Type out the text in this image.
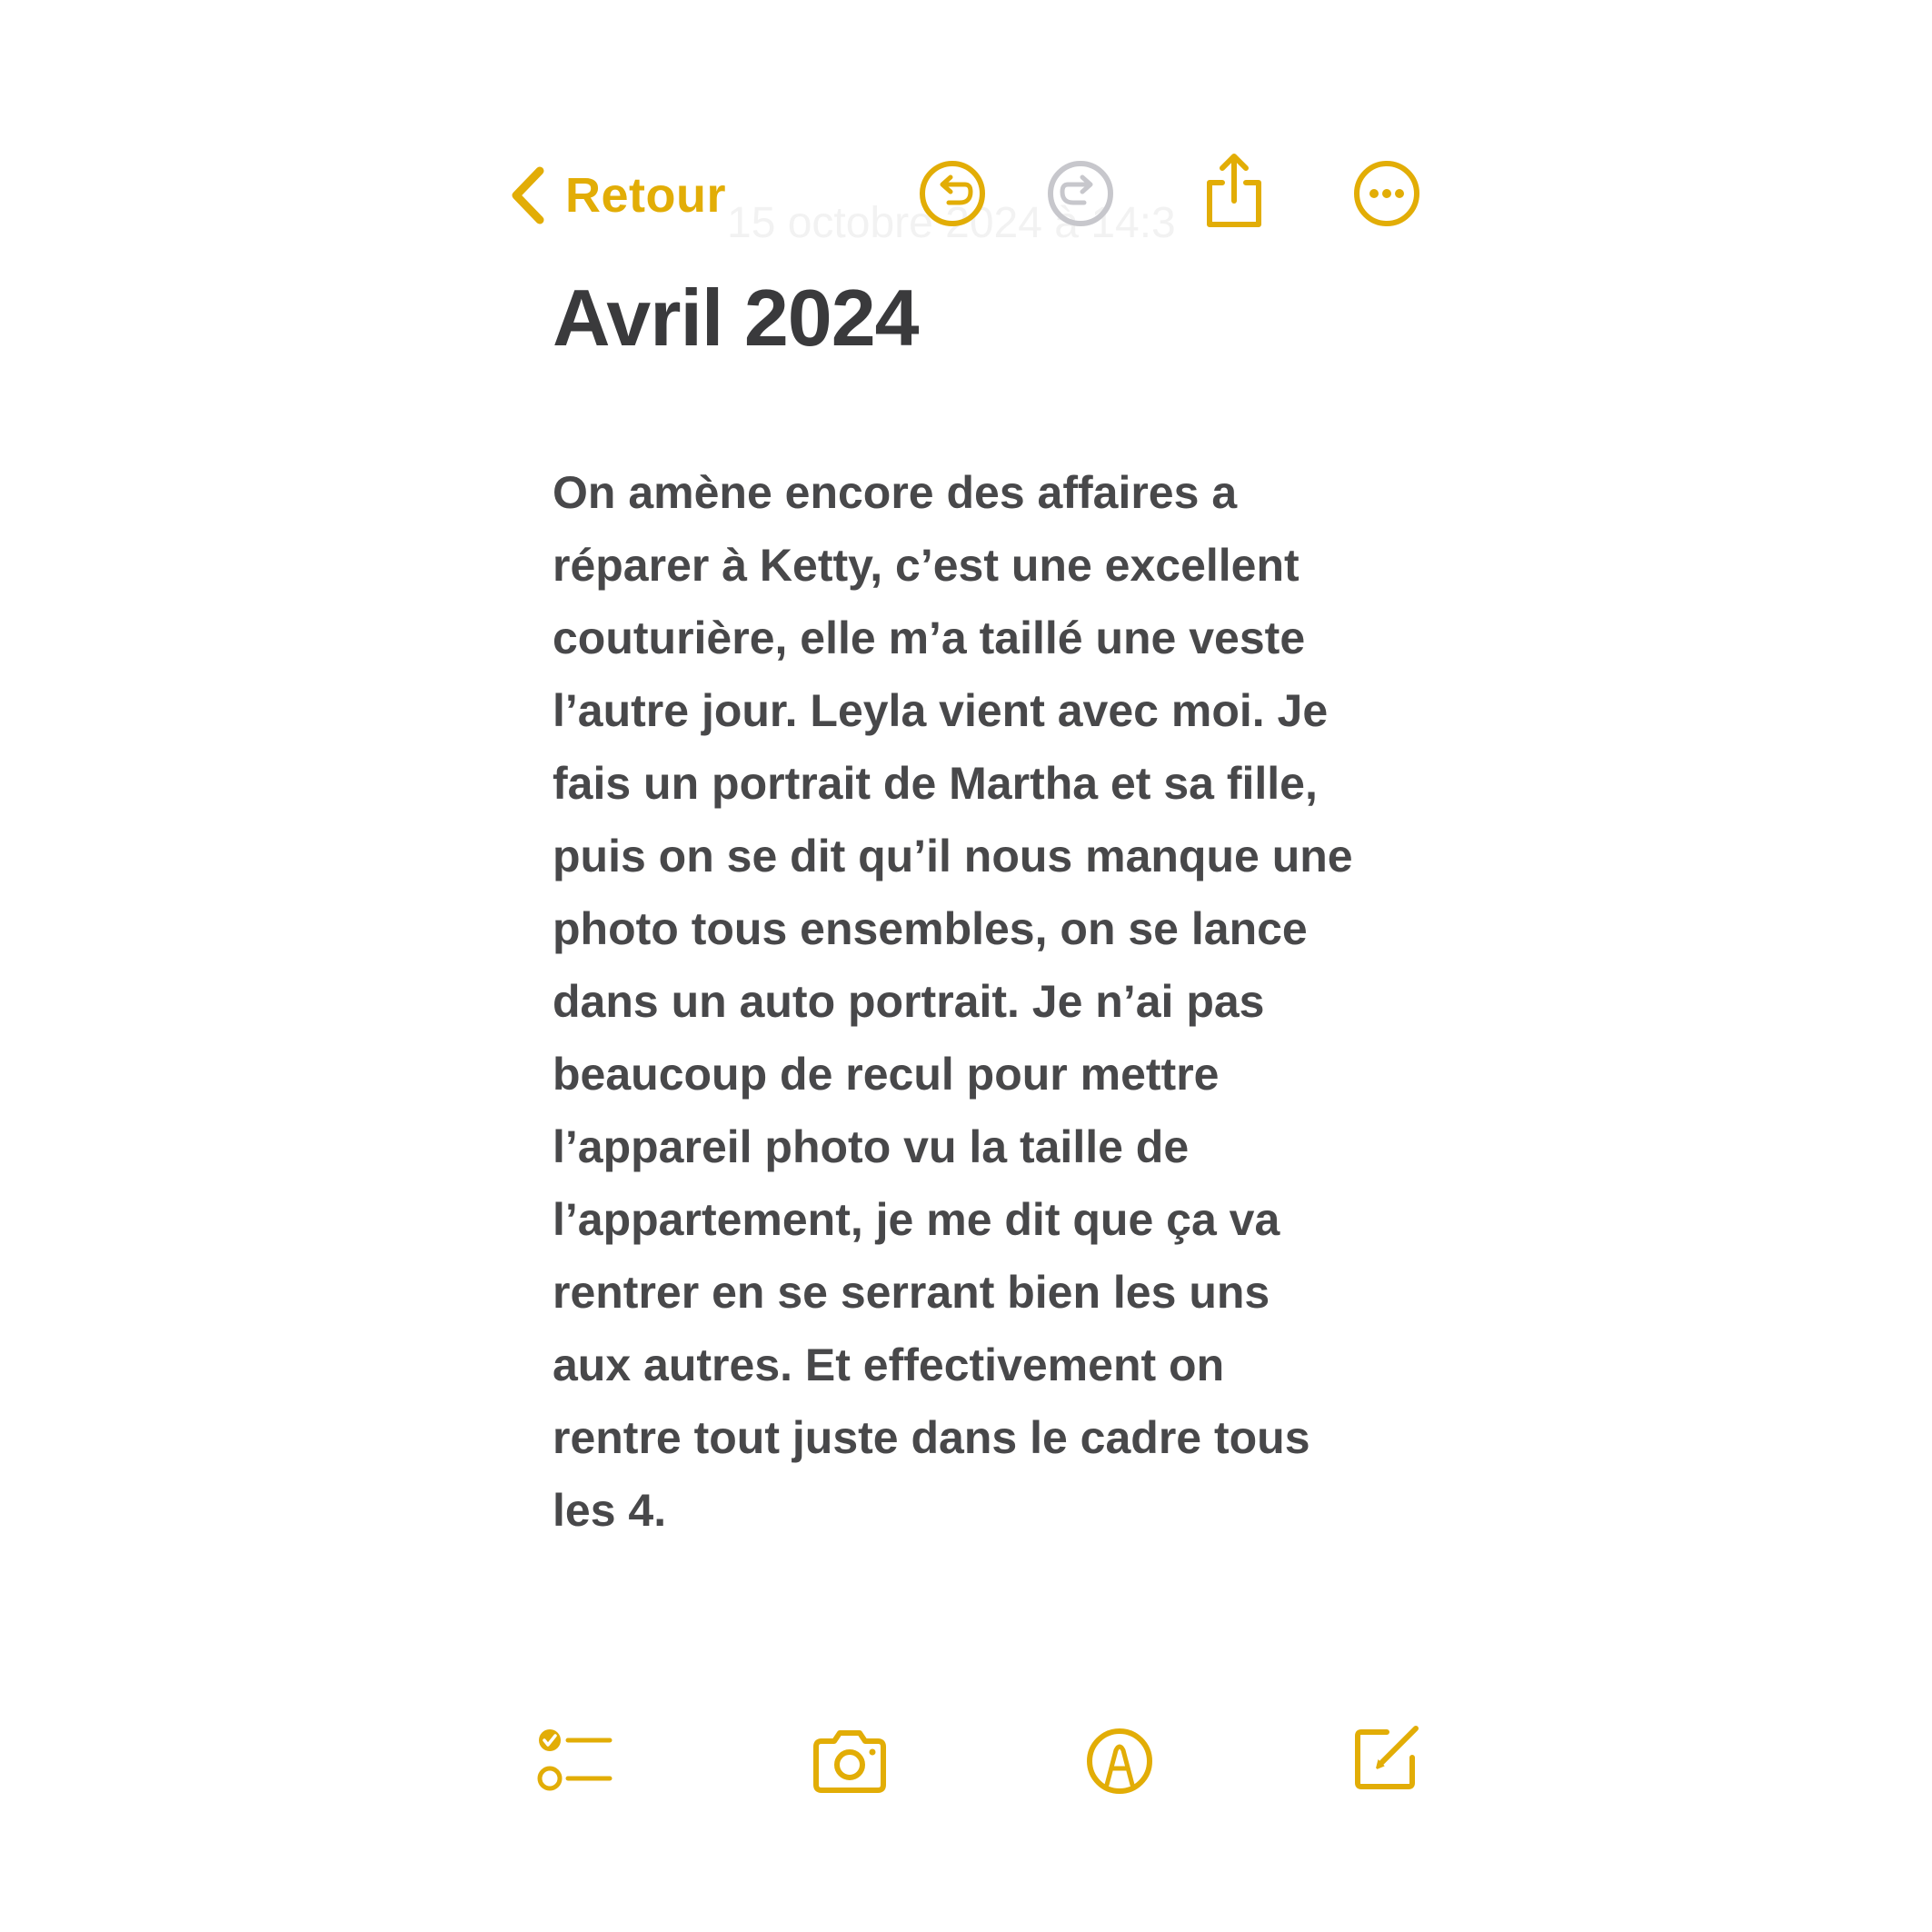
15 octobre 2024 à 14:3
Retour
Avril 2024
On amène encore des affaires a
réparer à Ketty, c’est une excellent
couturière, elle m’a taillé une veste
l’autre jour. Leyla vient avec moi. Je
fais un portrait de Martha et sa fille,
puis on se dit qu’il nous manque une
photo tous ensembles, on se lance
dans un auto portrait. Je n’ai pas
beaucoup de recul pour mettre
l’appareil photo vu la taille de
l’appartement, je me dit que ça va
rentrer en se serrant bien les uns
aux autres. Et effectivement on
rentre tout juste dans le cadre tous
les 4.
